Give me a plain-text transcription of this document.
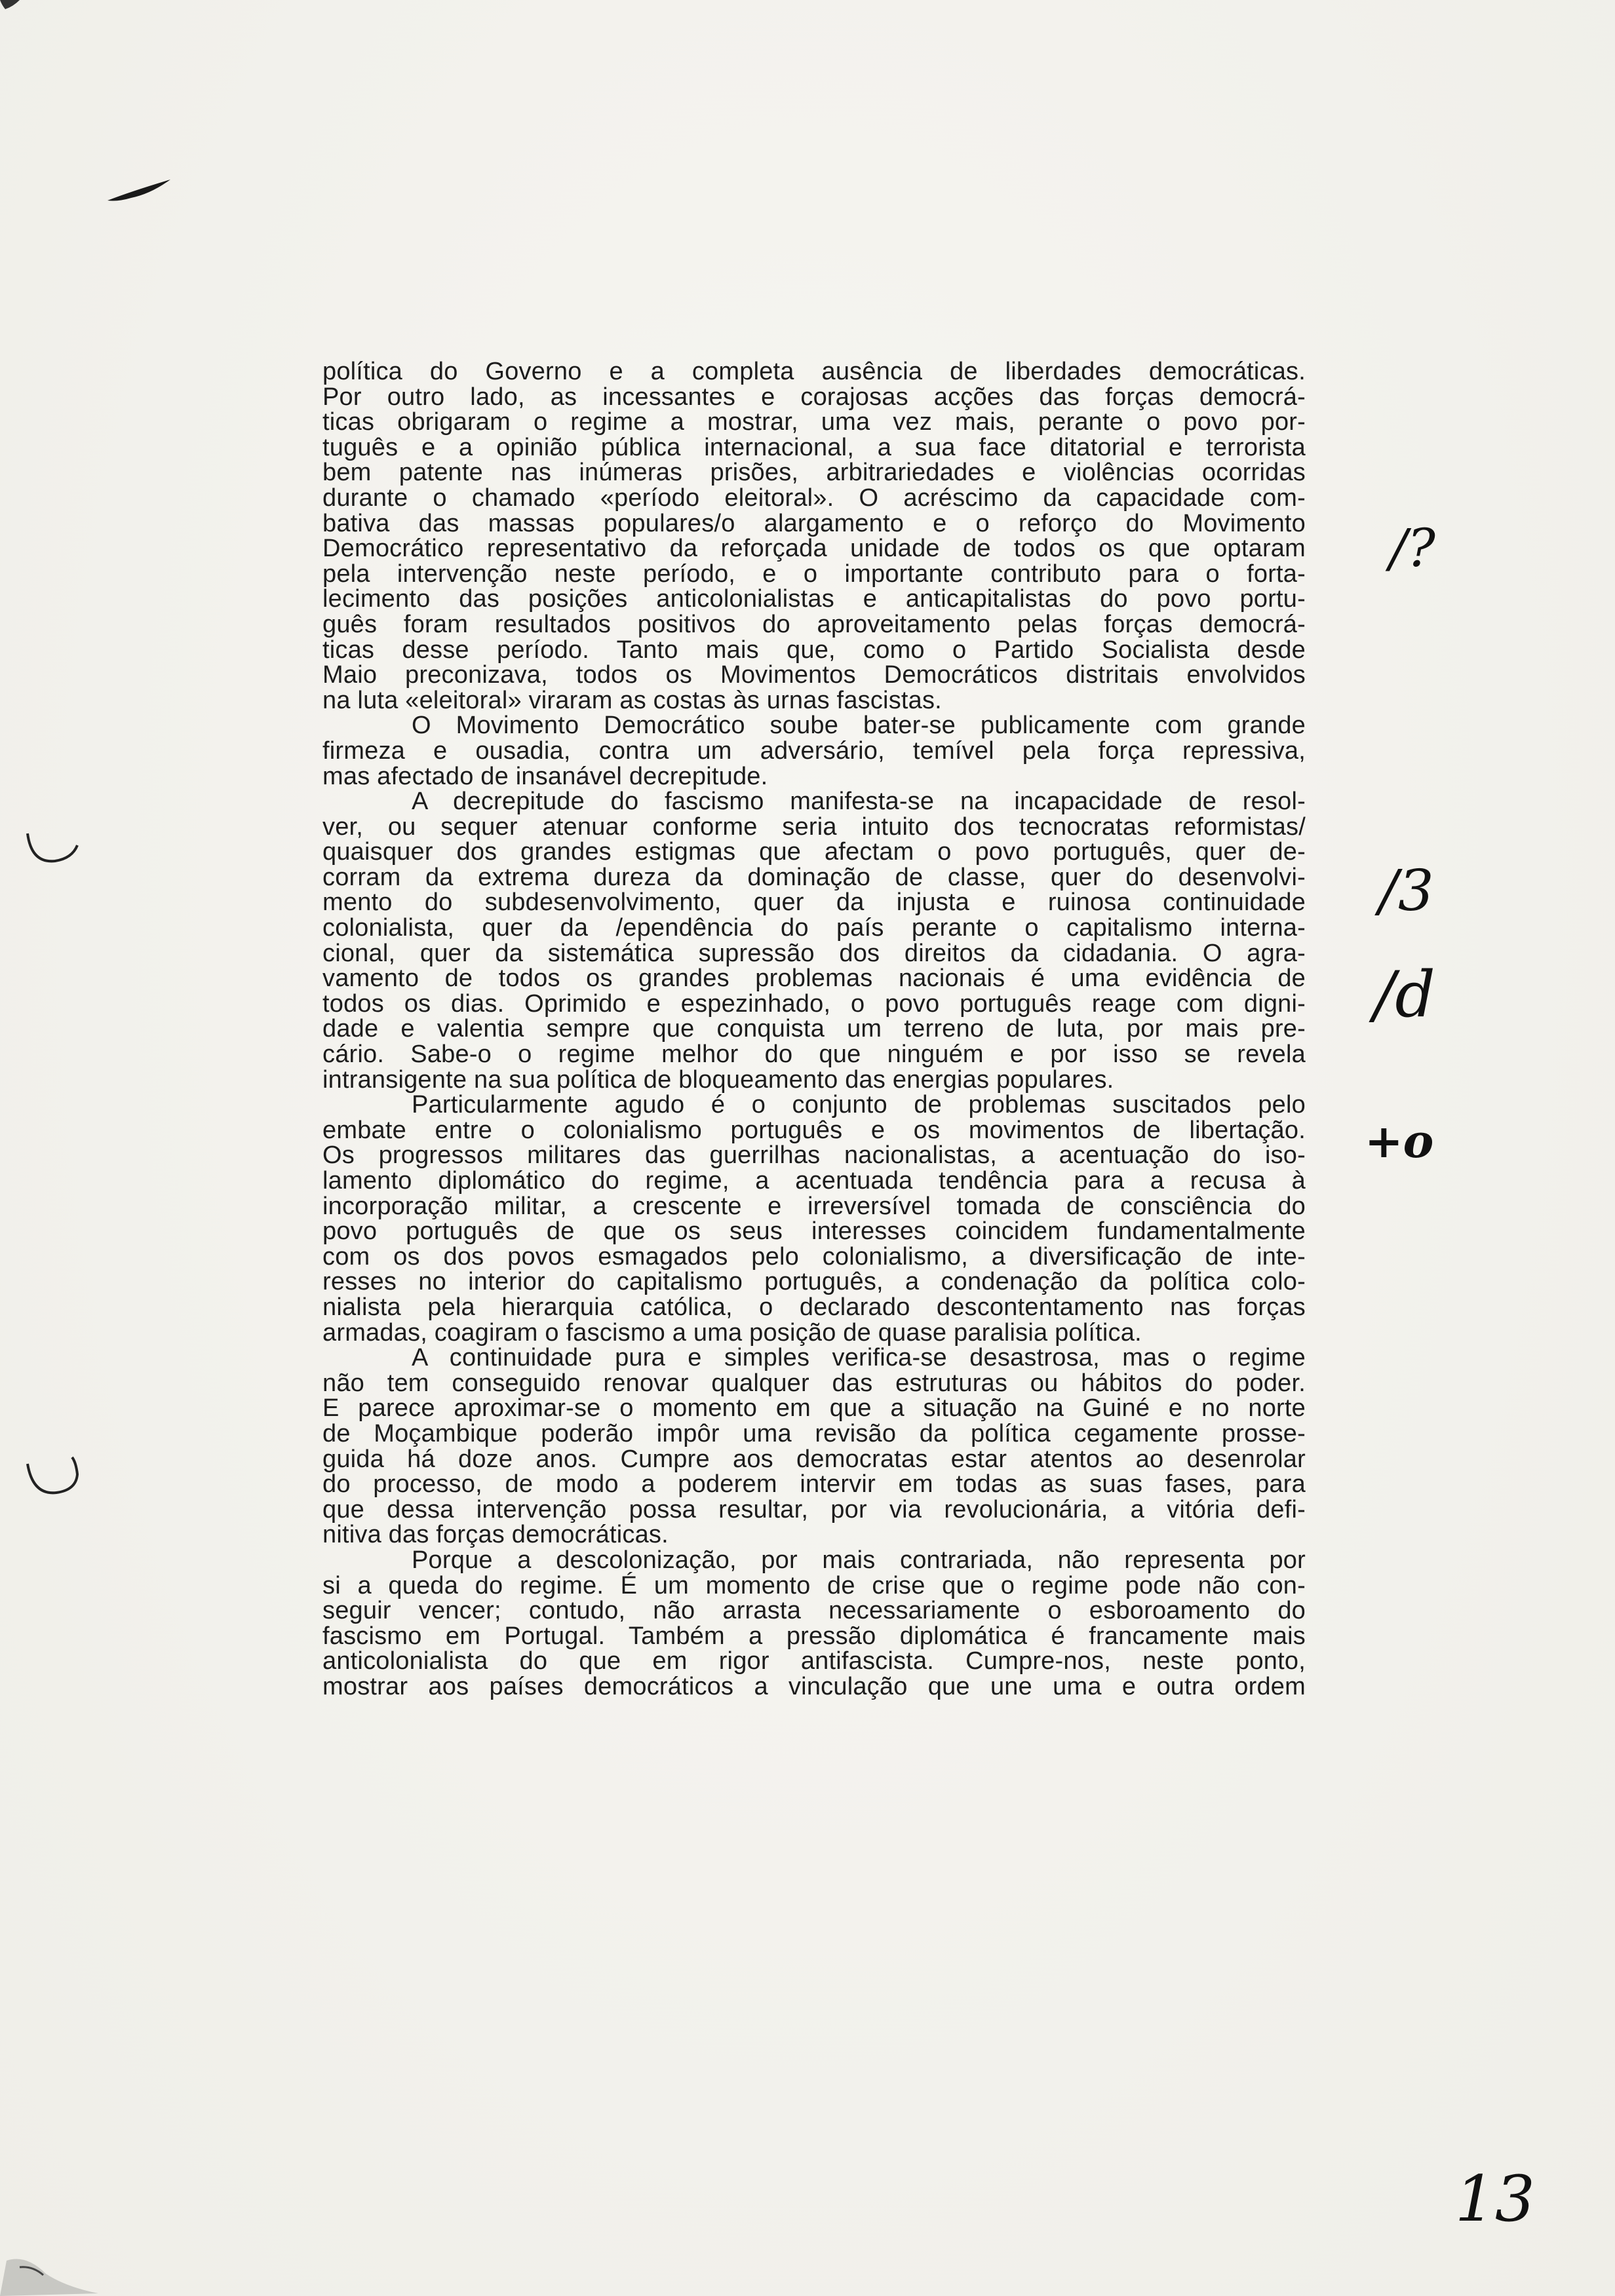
política do Governo e a completa ausência de liberdades democráticas.
Por outro lado, as incessantes e corajosas acções das forças democrá-
ticas obrigaram o regime a mostrar, uma vez mais, perante o povo por-
tuguês e a opinião pública internacional, a sua face ditatorial e terrorista
bem patente nas inúmeras prisões, arbitrariedades e violências ocorridas
durante o chamado «período eleitoral». O acréscimo da capacidade com-
bativa das massas populares/o alargamento e o reforço do Movimento
Democrático representativo da reforçada unidade de todos os que optaram
pela intervenção neste período, e o importante contributo para o forta-
lecimento das posições anticolonialistas e anticapitalistas do povo portu-
guês foram resultados positivos do aproveitamento pelas forças democrá-
ticas desse período. Tanto mais que, como o Partido Socialista desde
Maio preconizava, todos os Movimentos Democráticos distritais envolvidos
na luta «eleitoral» viraram as costas às urnas fascistas.
O Movimento Democrático soube bater-se publicamente com grande
firmeza e ousadia, contra um adversário, temível pela força repressiva,
mas afectado de insanável decrepitude.
A decrepitude do fascismo manifesta-se na incapacidade de resol-
ver, ou sequer atenuar conforme seria intuito dos tecnocratas reformistas/
quaisquer dos grandes estigmas que afectam o povo português, quer de-
corram da extrema dureza da dominação de classe, quer do desenvolvi-
mento do subdesenvolvimento, quer da injusta e ruinosa continuidade
colonialista, quer da /ependência do país perante o capitalismo interna-
cional, quer da sistemática supressão dos direitos da cidadania. O agra-
vamento de todos os grandes problemas nacionais é uma evidência de
todos os dias. Oprimido e espezinhado, o povo português reage com digni-
dade e valentia sempre que conquista um terreno de luta, por mais pre-
cário. Sabe-o o regime melhor do que ninguém e por isso se revela
intransigente na sua política de bloqueamento das energias populares.
Particularmente agudo é o conjunto de problemas suscitados pelo
embate entre o colonialismo português e os movimentos de libertação.
Os progressos militares das guerrilhas nacionalistas, a acentuação do iso-
lamento diplomático do regime, a acentuada tendência para a recusa à
incorporação militar, a crescente e irreversível tomada de consciência do
povo português de que os seus interesses coincidem fundamentalmente
com os dos povos esmagados pelo colonialismo, a diversificação de inte-
resses no interior do capitalismo português, a condenação da política colo-
nialista pela hierarquia católica, o declarado descontentamento nas forças
armadas, coagiram o fascismo a uma posição de quase paralisia política.
A continuidade pura e simples verifica-se desastrosa, mas o regime
não tem conseguido renovar qualquer das estruturas ou hábitos do poder.
E parece aproximar-se o momento em que a situação na Guiné e no norte
de Moçambique poderão impôr uma revisão da política cegamente prosse-
guida há doze anos. Cumpre aos democratas estar atentos ao desenrolar
do processo, de modo a poderem intervir em todas as suas fases, para
que dessa intervenção possa resultar, por via revolucionária, a vitória defi-
nitiva das forças democráticas.
Porque a descolonização, por mais contrariada, não representa por
si a queda do regime. É um momento de crise que o regime pode não con-
seguir vencer; contudo, não arrasta necessariamente o esboroamento do
fascismo em Portugal. Também a pressão diplomática é francamente mais
anticolonialista do que em rigor antifascista. Cumpre-nos, neste ponto,
mostrar aos países democráticos a vinculação que une uma e outra ordem
/?
/3
/d
+o
13
